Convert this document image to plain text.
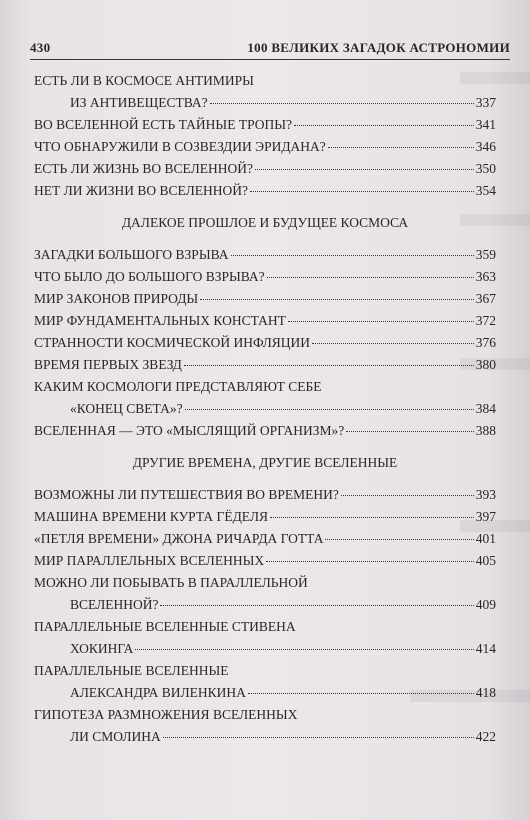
430	100 ВЕЛИКИХ ЗАГАДОК АСТРОНОМИИ
ЕСТЬ ЛИ В КОСМОСЕ АНТИМИРЫ
ИЗ АНТИВЕЩЕСТВА?	337
ВО ВСЕЛЕННОЙ ЕСТЬ ТАЙНЫЕ ТРОПЫ?	341
ЧТО ОБНАРУЖИЛИ В СОЗВЕЗДИИ ЭРИДАНА?	346
ЕСТЬ ЛИ ЖИЗНЬ ВО ВСЕЛЕННОЙ?	350
НЕТ ЛИ ЖИЗНИ ВО ВСЕЛЕННОЙ?	354
ДАЛЕКОЕ ПРОШЛОЕ И БУДУЩЕЕ КОСМОСА
ЗАГАДКИ БОЛЬШОГО ВЗРЫВА	359
ЧТО БЫЛО ДО БОЛЬШОГО ВЗРЫВА?	363
МИР ЗАКОНОВ ПРИРОДЫ	367
МИР ФУНДАМЕНТАЛЬНЫХ КОНСТАНТ	372
СТРАННОСТИ КОСМИЧЕСКОЙ ИНФЛЯЦИИ	376
ВРЕМЯ ПЕРВЫХ ЗВЕЗД	380
КАКИМ КОСМОЛОГИ ПРЕДСТАВЛЯЮТ СЕБЕ
«КОНЕЦ СВЕТА»?	384
ВСЕЛЕННАЯ — ЭТО «МЫСЛЯЩИЙ ОРГАНИЗМ»?	388
ДРУГИЕ ВРЕМЕНА, ДРУГИЕ ВСЕЛЕННЫЕ
ВОЗМОЖНЫ ЛИ ПУТЕШЕСТВИЯ ВО ВРЕМЕНИ?	393
МАШИНА ВРЕМЕНИ КУРТА ГЁДЕЛЯ	397
«ПЕТЛЯ ВРЕМЕНИ» ДЖОНА РИЧАРДА ГОТТА	401
МИР ПАРАЛЛЕЛЬНЫХ ВСЕЛЕННЫХ	405
МОЖНО ЛИ ПОБЫВАТЬ В ПАРАЛЛЕЛЬНОЙ
ВСЕЛЕННОЙ?	409
ПАРАЛЛЕЛЬНЫЕ ВСЕЛЕННЫЕ СТИВЕНА
ХОКИНГА	414
ПАРАЛЛЕЛЬНЫЕ ВСЕЛЕННЫЕ
АЛЕКСАНДРА ВИЛЕНКИНА	418
ГИПОТЕЗА РАЗМНОЖЕНИЯ ВСЕЛЕННЫХ
ЛИ СМОЛИНА	422
